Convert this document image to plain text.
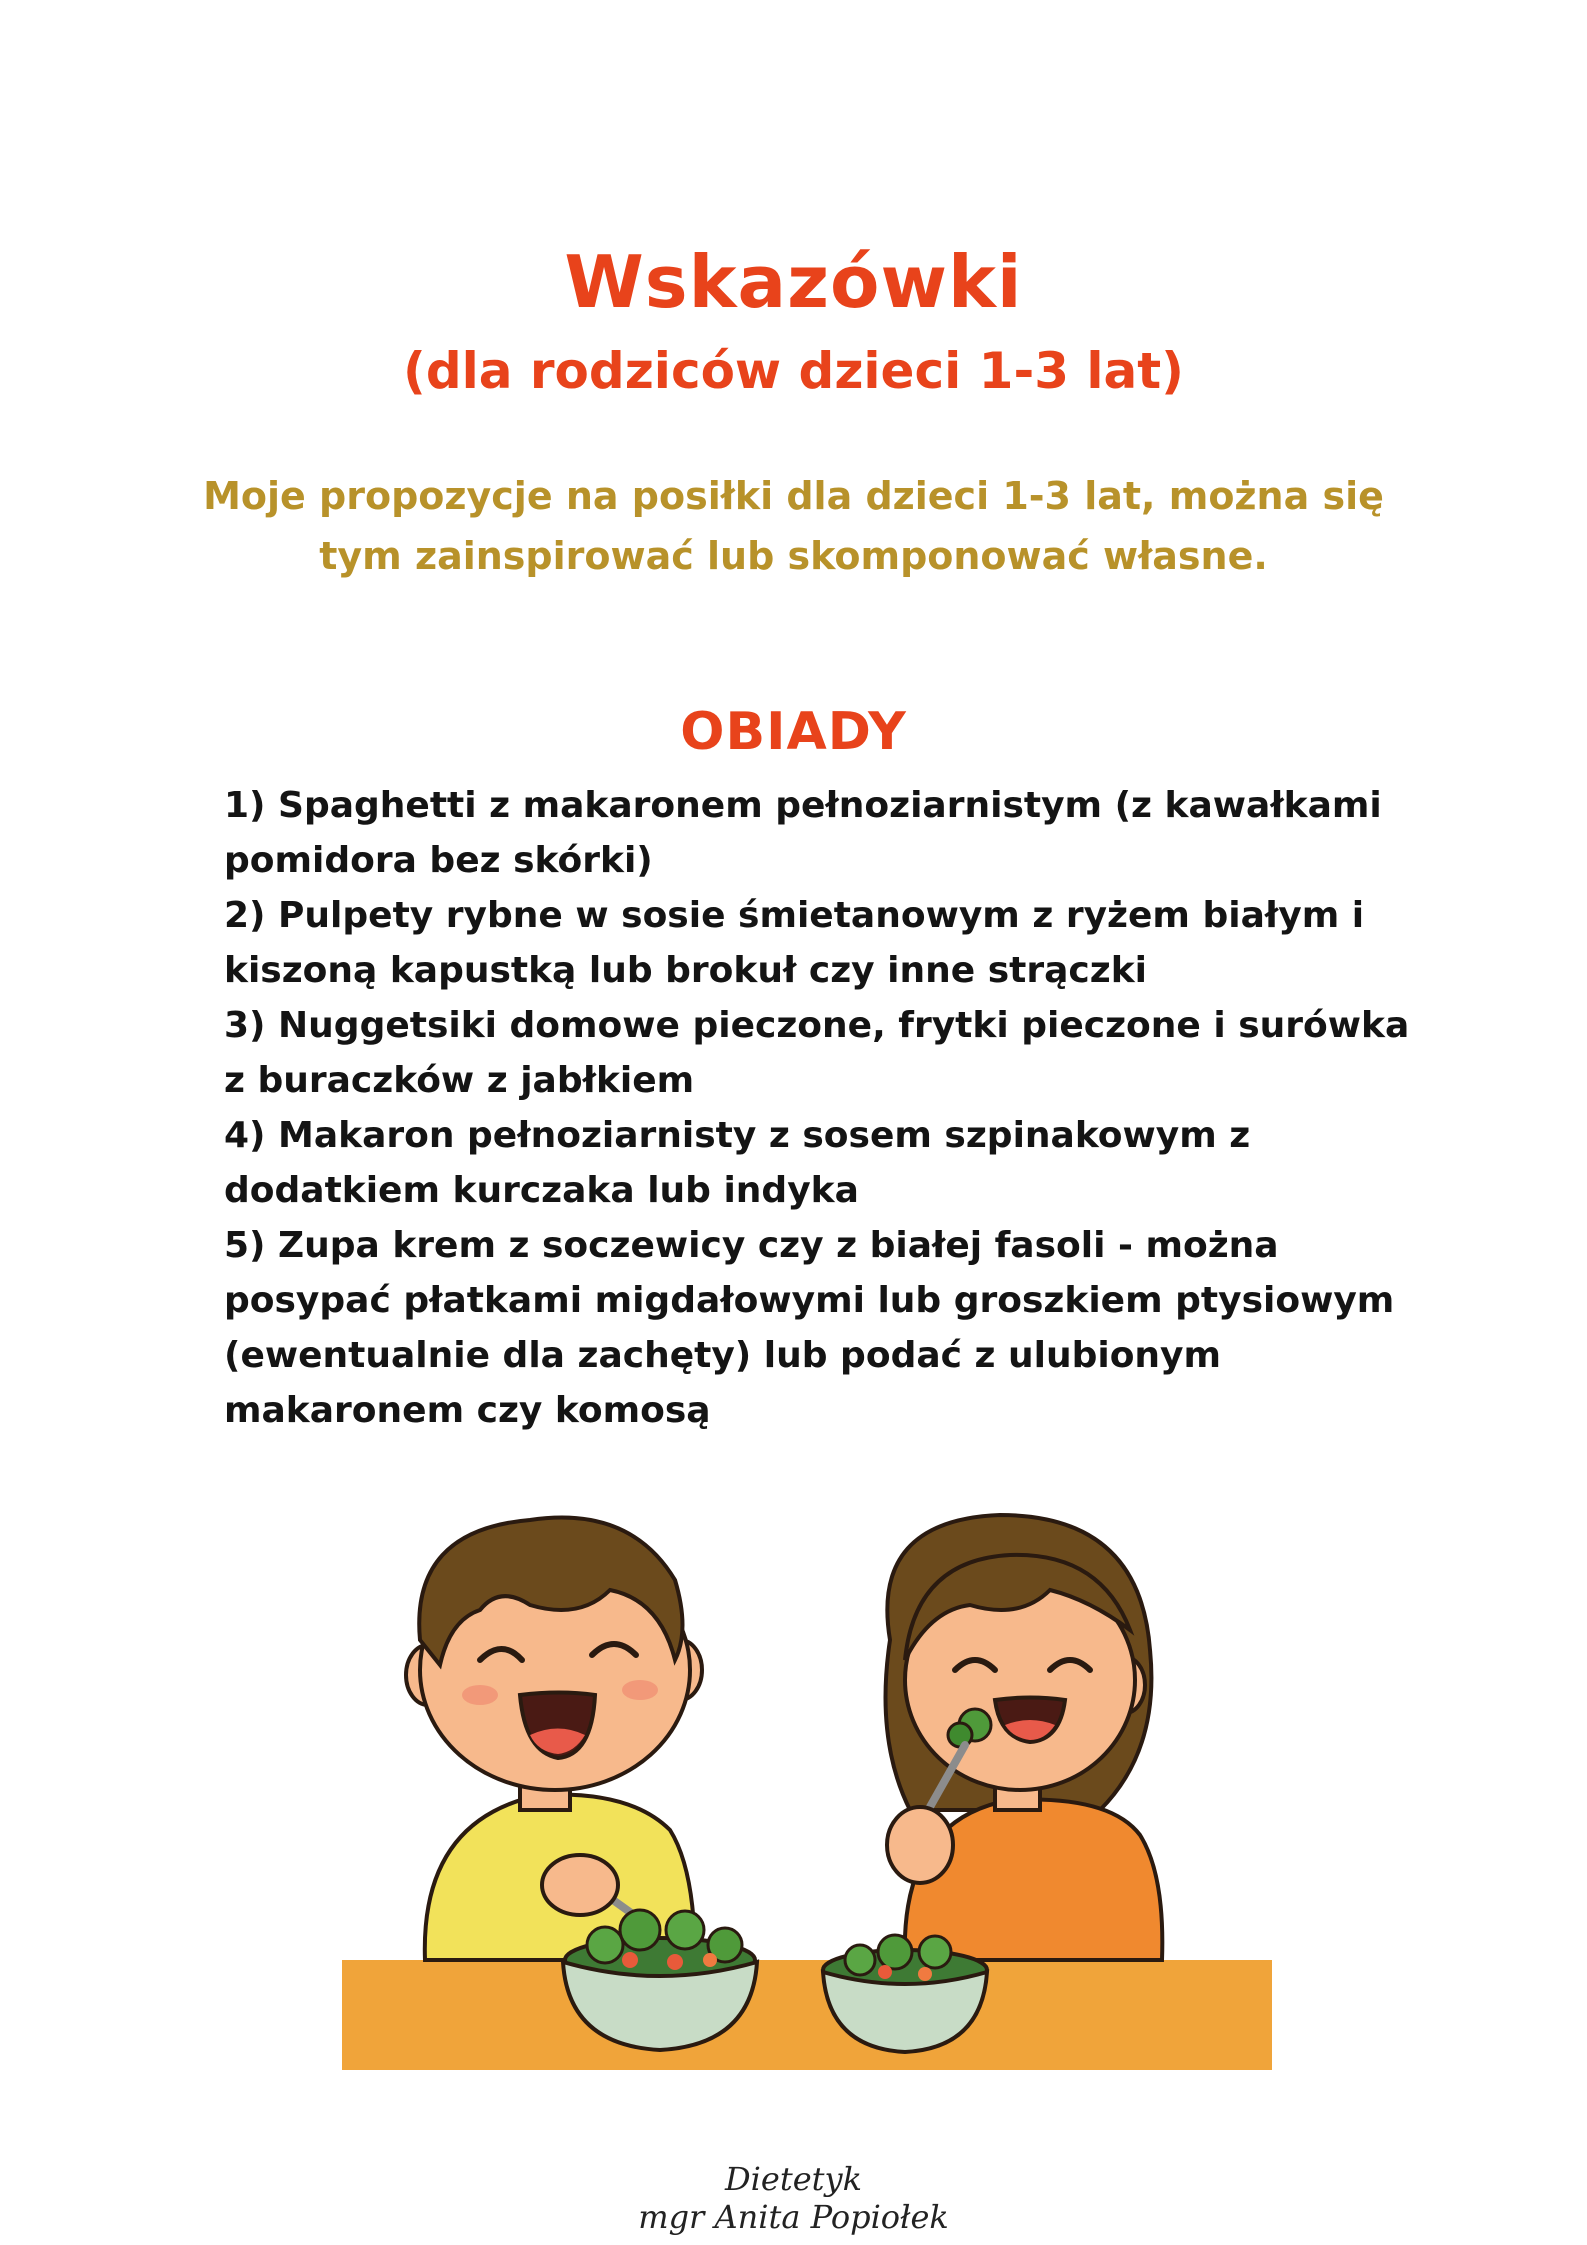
Wskazówki
(dla rodziców dzieci 1-3 lat)

Moje propozycje na posiłki dla dzieci 1-3 lat, można się tym zainspirować lub skomponować własne.

OBIADY
1) Spaghetti z makaronem pełnoziarnistym (z kawałkami pomidora bez skórki)
2) Pulpety rybne w sosie śmietanowym z ryżem białym i kiszoną kapustką lub brokuł czy inne strączki
3) Nuggetsiki domowe pieczone, frytki pieczone i surówka z buraczków z jabłkiem
4) Makaron pełnoziarnisty z sosem szpinakowym z dodatkiem kurczaka lub indyka
5) Zupa krem z soczewicy czy z białej fasoli - można posypać płatkami migdałowymi lub groszkiem ptysiowym (ewentualnie dla zachęty) lub podać z ulubionym makaronem czy komosą
Dietetyk
mgr Anita Popiołek
